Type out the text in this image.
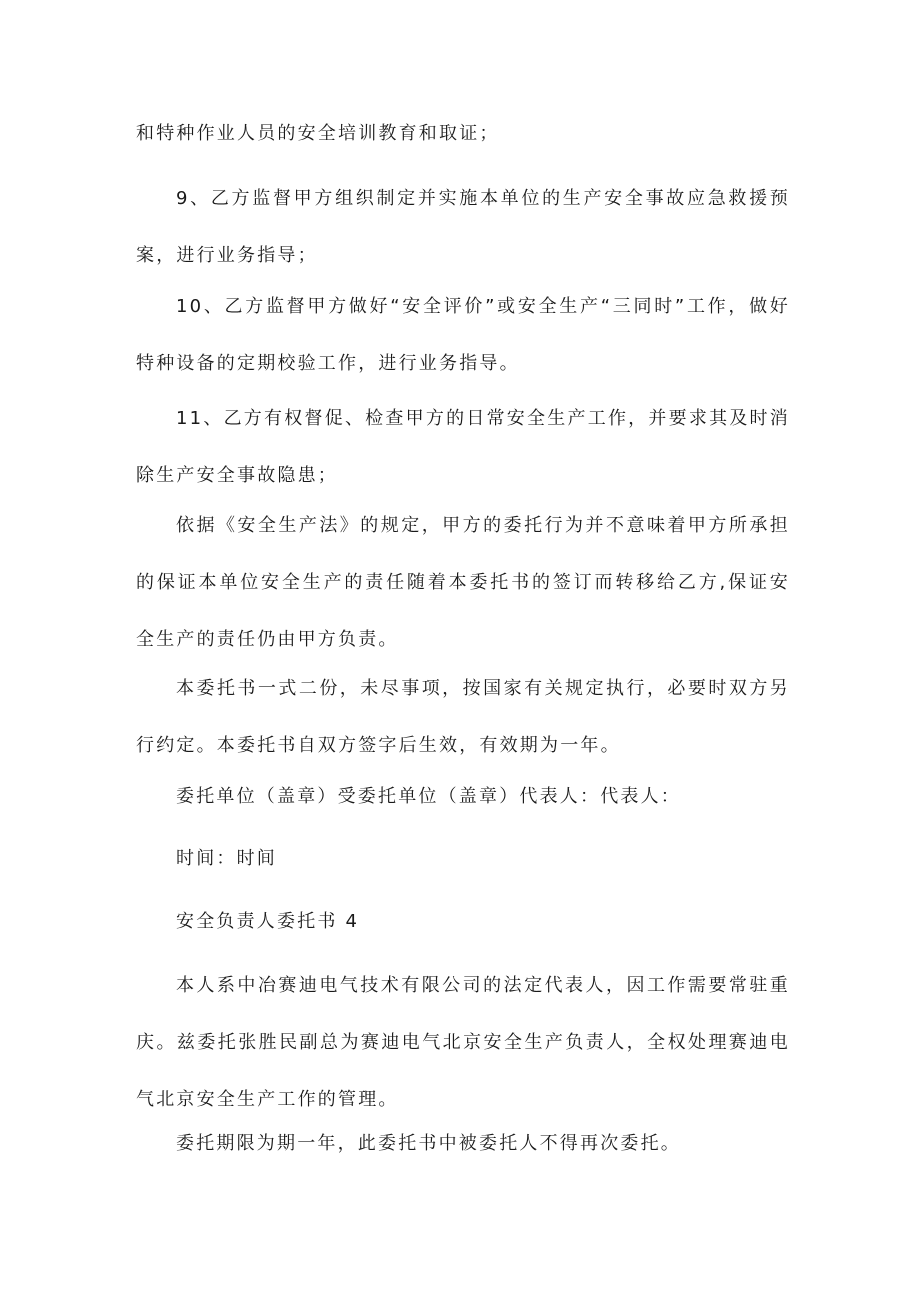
和特种作业人员的安全培训教育和取证；

9、乙方监督甲方组织制定并实施本单位的生产安全事故应急救援预案，进行业务指导；

10、乙方监督甲方做好“安全评价”或安全生产“三同时”工作，做好特种设备的定期校验工作，进行业务指导。

11、乙方有权督促、检查甲方的日常安全生产工作，并要求其及时消除生产安全事故隐患；

依据《安全生产法》的规定，甲方的委托行为并不意味着甲方所承担的保证本单位安全生产的责任随着本委托书的签订而转移给乙方,保证安全生产的责任仍由甲方负责。

本委托书一式二份，未尽事项，按国家有关规定执行，必要时双方另行约定。本委托书自双方签字后生效，有效期为一年。

委托单位（盖章）受委托单位（盖章）代表人：代表人：

时间：时间

安全负责人委托书 4

本人系中冶赛迪电气技术有限公司的法定代表人，因工作需要常驻重庆。兹委托张胜民副总为赛迪电气北京安全生产负责人，全权处理赛迪电气北京安全生产工作的管理。

委托期限为期一年，此委托书中被委托人不得再次委托。
